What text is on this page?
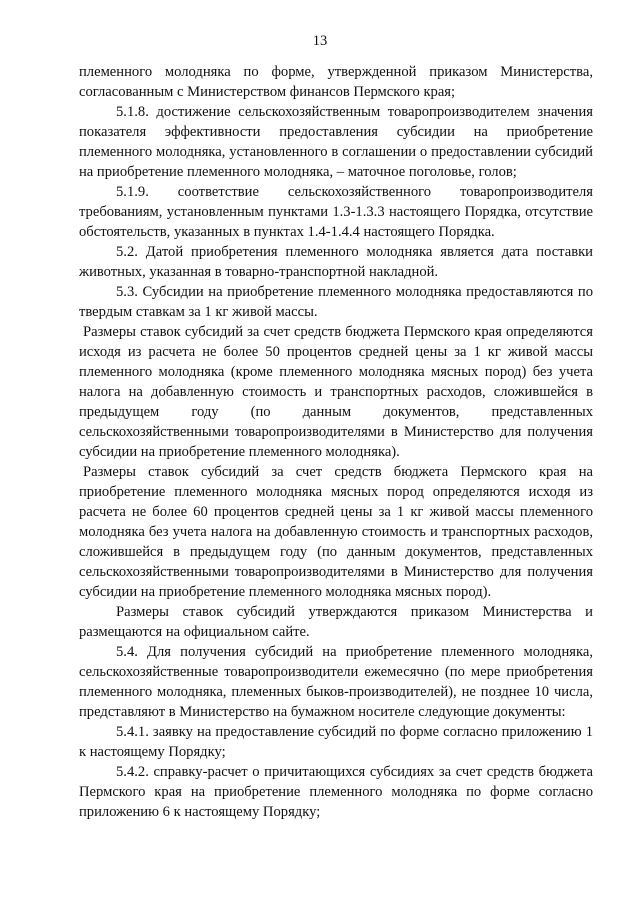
13

племенного молодняка по форме, утвержденной приказом Министерства, согласованным с Министерством финансов Пермского края;

5.1.8. достижение сельскохозяйственным товаропроизводителем значения показателя эффективности предоставления субсидии на приобретение племенного молодняка, установленного в соглашении о предоставлении субсидий на приобретение племенного молодняка, – маточное поголовье, голов;

5.1.9. соответствие сельскохозяйственного товаропроизводителя требованиям, установленным пунктами 1.3-1.3.3 настоящего Порядка, отсутствие обстоятельств, указанных в пунктах 1.4-1.4.4 настоящего Порядка.

5.2. Датой приобретения племенного молодняка является дата поставки животных, указанная в товарно-транспортной накладной.

5.3. Субсидии на приобретение племенного молодняка предоставляются по твердым ставкам за 1 кг живой массы.

Размеры ставок субсидий за счет средств бюджета Пермского края определяются исходя из расчета не более 50 процентов средней цены за 1 кг живой массы племенного молодняка (кроме племенного молодняка мясных пород) без учета налога на добавленную стоимость и транспортных расходов, сложившейся в предыдущем году (по данным документов, представленных сельскохозяйственными товаропроизводителями в Министерство для получения субсидии на приобретение племенного молодняка).

Размеры ставок субсидий за счет средств бюджета Пермского края на приобретение племенного молодняка мясных пород определяются исходя из расчета не более 60 процентов средней цены за 1 кг живой массы племенного молодняка без учета налога на добавленную стоимость и транспортных расходов, сложившейся в предыдущем году (по данным документов, представленных сельскохозяйственными товаропроизводителями в Министерство для получения субсидии на приобретение племенного молодняка мясных пород).

Размеры ставок субсидий утверждаются приказом Министерства и размещаются на официальном сайте.

5.4. Для получения субсидий на приобретение племенного молодняка, сельскохозяйственные товаропроизводители ежемесячно (по мере приобретения племенного молодняка, племенных быков-производителей), не позднее 10 числа, представляют в Министерство на бумажном носителе следующие документы:

5.4.1. заявку на предоставление субсидий по форме согласно приложению 1 к настоящему Порядку;

5.4.2. справку-расчет о причитающихся субсидиях за счет средств бюджета Пермского края на приобретение племенного молодняка по форме согласно приложению 6 к настоящему Порядку;
